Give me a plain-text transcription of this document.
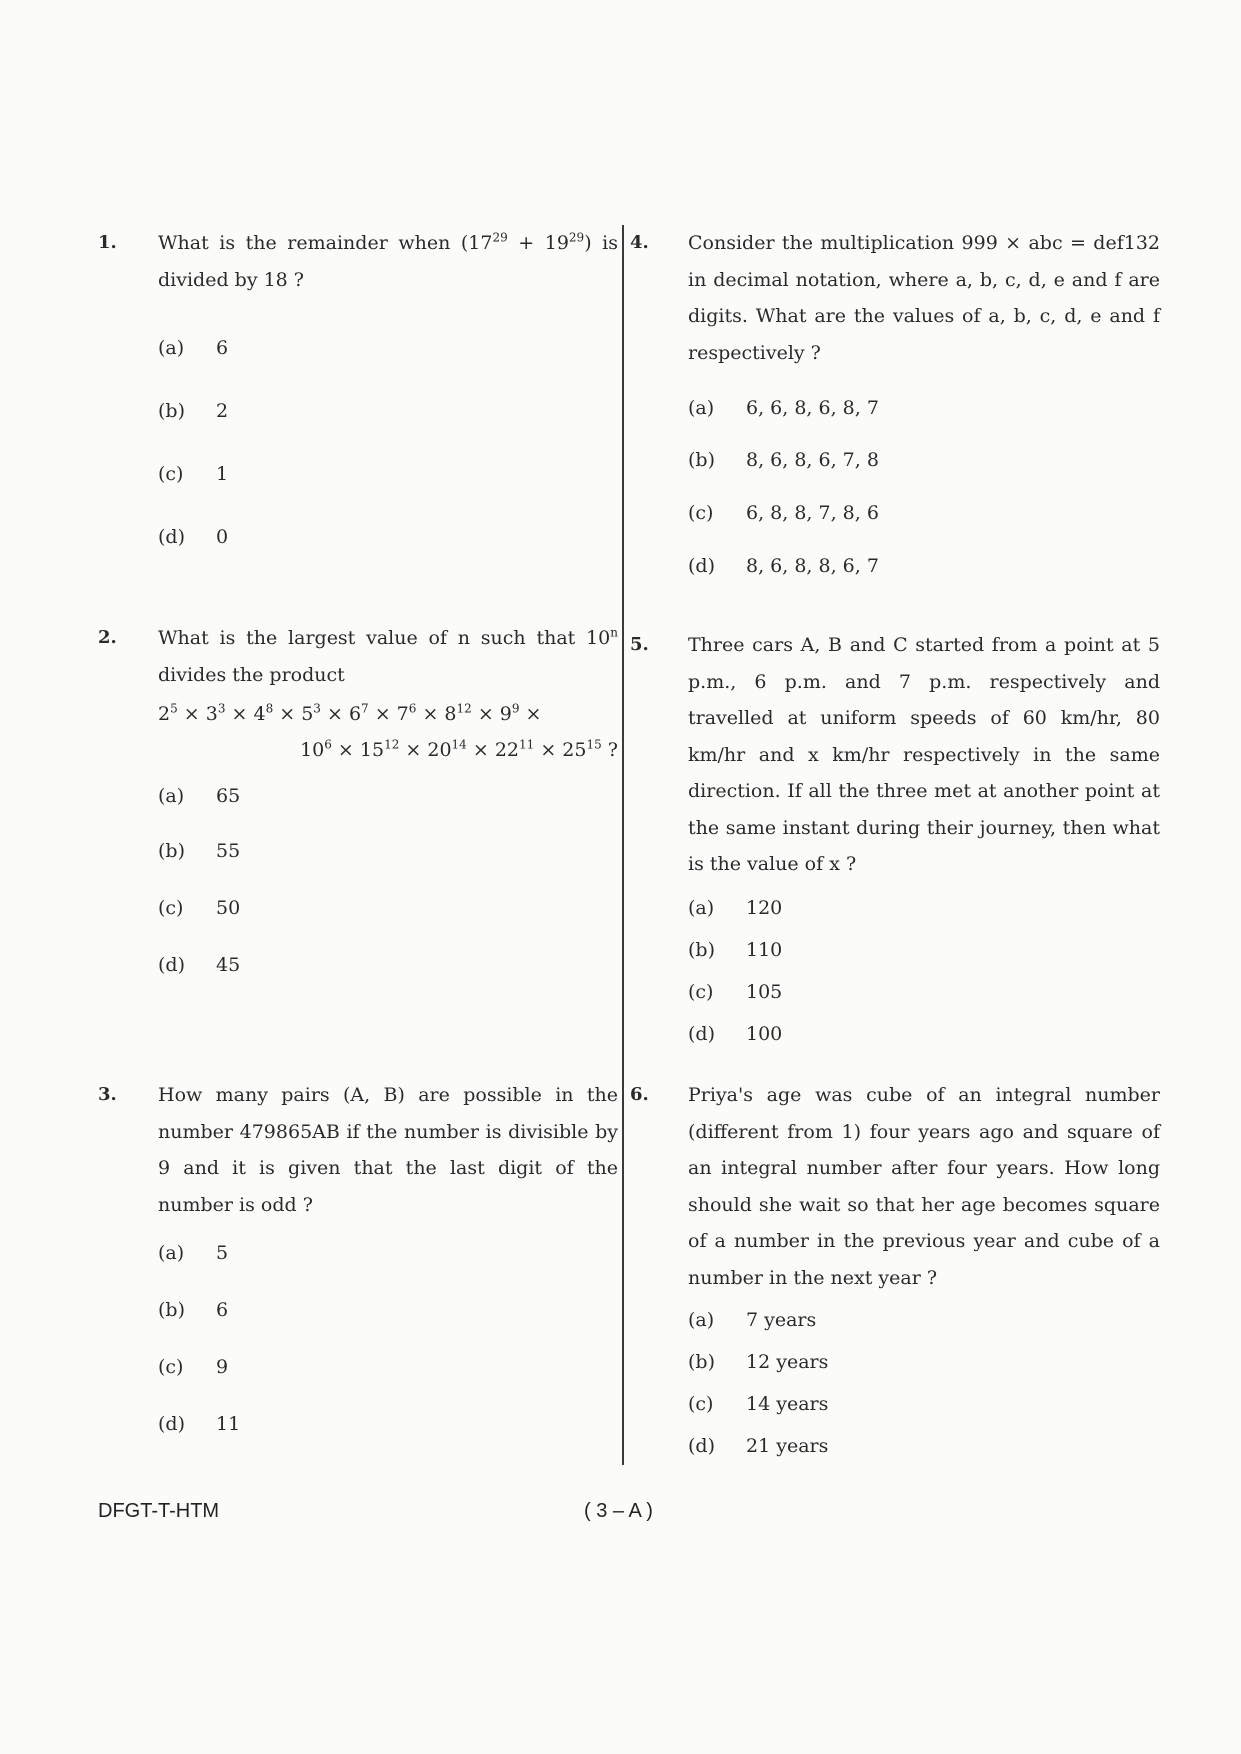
1. What is the remainder when $(17^{29} + 19^{29})$ is divided by 18 ?
(a) 6
(b) 2
(c) 1
(d) 0
2. What is the largest value of n such that 10$^n$ divides the product
$2^5 \times 3^3 \times 4^8 \times 5^3 \times 6^7 \times 7^6 \times 8^{12} \times 9^9$ ×
$10^6 \times 15^{12} \times 20^{14} \times 22^{11} \times 25^{15}$ ?
(a) 65
(b) 55
(c) 50
(d) 45
3. How many pairs (A, B) are possible in the number 479865AB if the number is divisible by 9 and it is given that the last digit of the number is odd ?
(a) 5
(b) 6
(c) 9
(d) 11
4. Consider the multiplication 999 × abc = def132 in decimal notation, where a, b, c, d, e and f are digits. What are the values of a, b, c, d, e and f respectively ?
(a) 6, 6, 8, 6, 8, 7
(b) 8, 6, 8, 6, 7, 8
(c) 6, 8, 8, 7, 8, 6
(d) 8, 6, 8, 8, 6, 7
5. Three cars A, B and C started from a point at 5 p.m., 6 p.m. and 7 p.m. respectively and travelled at uniform speeds of 60 km/hr, 80 km/hr and x km/hr respectively in the same direction. If all the three met at another point at the same instant during their journey, then what is the value of x ?
(a) 120
(b) 110
(c) 105
(d) 100
6. Priya's age was cube of an integral number (different from 1) four years ago and square of an integral number after four years. How long should she wait so that her age becomes square of a number in the previous year and cube of a number in the next year ?
(a) 7 years
(b) 12 years
(c) 14 years
(d) 21 years
DFGT-T-HTM	( 3 – A )
